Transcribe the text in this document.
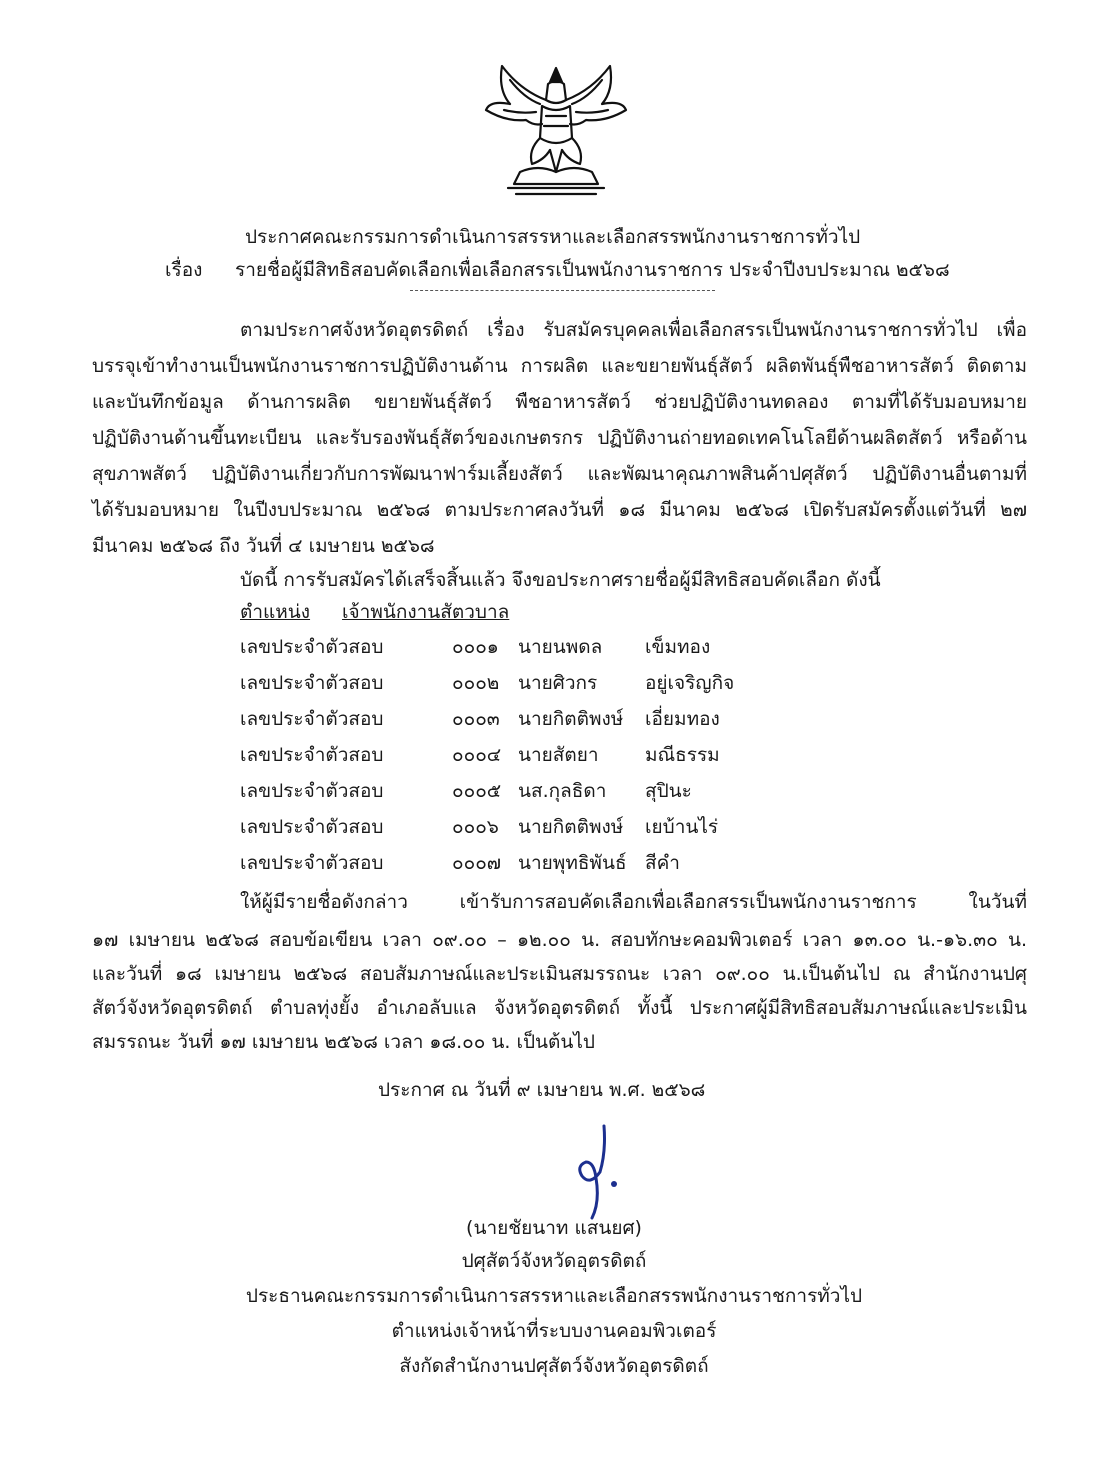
ประกาศคณะกรรมการดำเนินการสรรหาและเลือกสรรพนักงานราชการทั่วไป
เรื่อง รายชื่อผู้มีสิทธิสอบคัดเลือกเพื่อเลือกสรรเป็นพนักงานราชการ ประจำปีงบประมาณ ๒๕๖๘
ตามประกาศจังหวัดอุตรดิตถ์ เรื่อง รับสมัครบุคคลเพื่อเลือกสรรเป็นพนักงานราชการทั่วไป เพื่อ
บรรจุเข้าทำงานเป็นพนักงานราชการปฏิบัติงานด้าน การผลิต และขยายพันธุ์สัตว์ ผลิตพันธุ์พืชอาหารสัตว์ ติดตาม
และบันทึกข้อมูล ด้านการผลิต ขยายพันธุ์สัตว์ พืชอาหารสัตว์ ช่วยปฏิบัติงานทดลอง ตามที่ได้รับมอบหมาย
ปฏิบัติงานด้านขึ้นทะเบียน และรับรองพันธุ์สัตว์ของเกษตรกร ปฏิบัติงานถ่ายทอดเทคโนโลยีด้านผลิตสัตว์ หรือด้าน
สุขภาพสัตว์ ปฏิบัติงานเกี่ยวกับการพัฒนาฟาร์มเลี้ยงสัตว์ และพัฒนาคุณภาพสินค้าปศุสัตว์ ปฏิบัติงานอื่นตามที่
ได้รับมอบหมาย ในปีงบประมาณ ๒๕๖๘ ตามประกาศลงวันที่ ๑๘ มีนาคม ๒๕๖๘ เปิดรับสมัครตั้งแต่วันที่ ๒๗
มีนาคม ๒๕๖๘ ถึง วันที่ ๔ เมษายน ๒๕๖๘
บัดนี้ การรับสมัครได้เสร็จสิ้นแล้ว จึงขอประกาศรายชื่อผู้มีสิทธิสอบคัดเลือก ดังนี้
ตำแหน่ง เจ้าพนักงานสัตวบาล
เลขประจำตัวสอบ	๐๐๐๑ นายนพดล เข็มทอง
เลขประจำตัวสอบ	๐๐๐๒ นายศิวกร	อยู่เจริญกิจ
เลขประจำตัวสอบ	๐๐๐๓ นายกิตติพงษ์ เอี่ยมทอง
เลขประจำตัวสอบ	๐๐๐๔ นายสัตยา มณีธรรม
เลขประจำตัวสอบ	๐๐๐๕ นส.กุลธิดา สุปินะ
เลขประจำตัวสอบ	๐๐๐๖ นายกิตติพงษ์ เยบ้านไร่
เลขประจำตัวสอบ	๐๐๐๗ นายพุทธิพันธ์ สีคำ
ให้ผู้มีรายชื่อดังกล่าว เข้ารับการสอบคัดเลือกเพื่อเลือกสรรเป็นพนักงานราชการ ในวันที่
๑๗ เมษายน ๒๕๖๘ สอบข้อเขียน เวลา ๐๙.๐๐ – ๑๒.๐๐ น. สอบทักษะคอมพิวเตอร์ เวลา ๑๓.๐๐ น.-๑๖.๓๐ น.
และวันที่ ๑๘ เมษายน ๒๕๖๘ สอบสัมภาษณ์และประเมินสมรรถนะ เวลา ๐๙.๐๐ น.เป็นต้นไป ณ สำนักงานปศุ
สัตว์จังหวัดอุตรดิตถ์ ตำบลทุ่งยั้ง อำเภอลับแล จังหวัดอุตรดิตถ์ ทั้งนี้ ประกาศผู้มีสิทธิสอบสัมภาษณ์และประเมิน
สมรรถนะ วันที่ ๑๗ เมษายน ๒๕๖๘ เวลา ๑๘.๐๐ น. เป็นต้นไป
ประกาศ ณ วันที่ ๙ เมษายน พ.ศ. ๒๕๖๘
(นายชัยนาท แสนยศ)
ปศุสัตว์จังหวัดอุตรดิตถ์
ประธานคณะกรรมการดำเนินการสรรหาและเลือกสรรพนักงานราชการทั่วไป
ตำแหน่งเจ้าหน้าที่ระบบงานคอมพิวเตอร์
สังกัดสำนักงานปศุสัตว์จังหวัดอุตรดิตถ์
